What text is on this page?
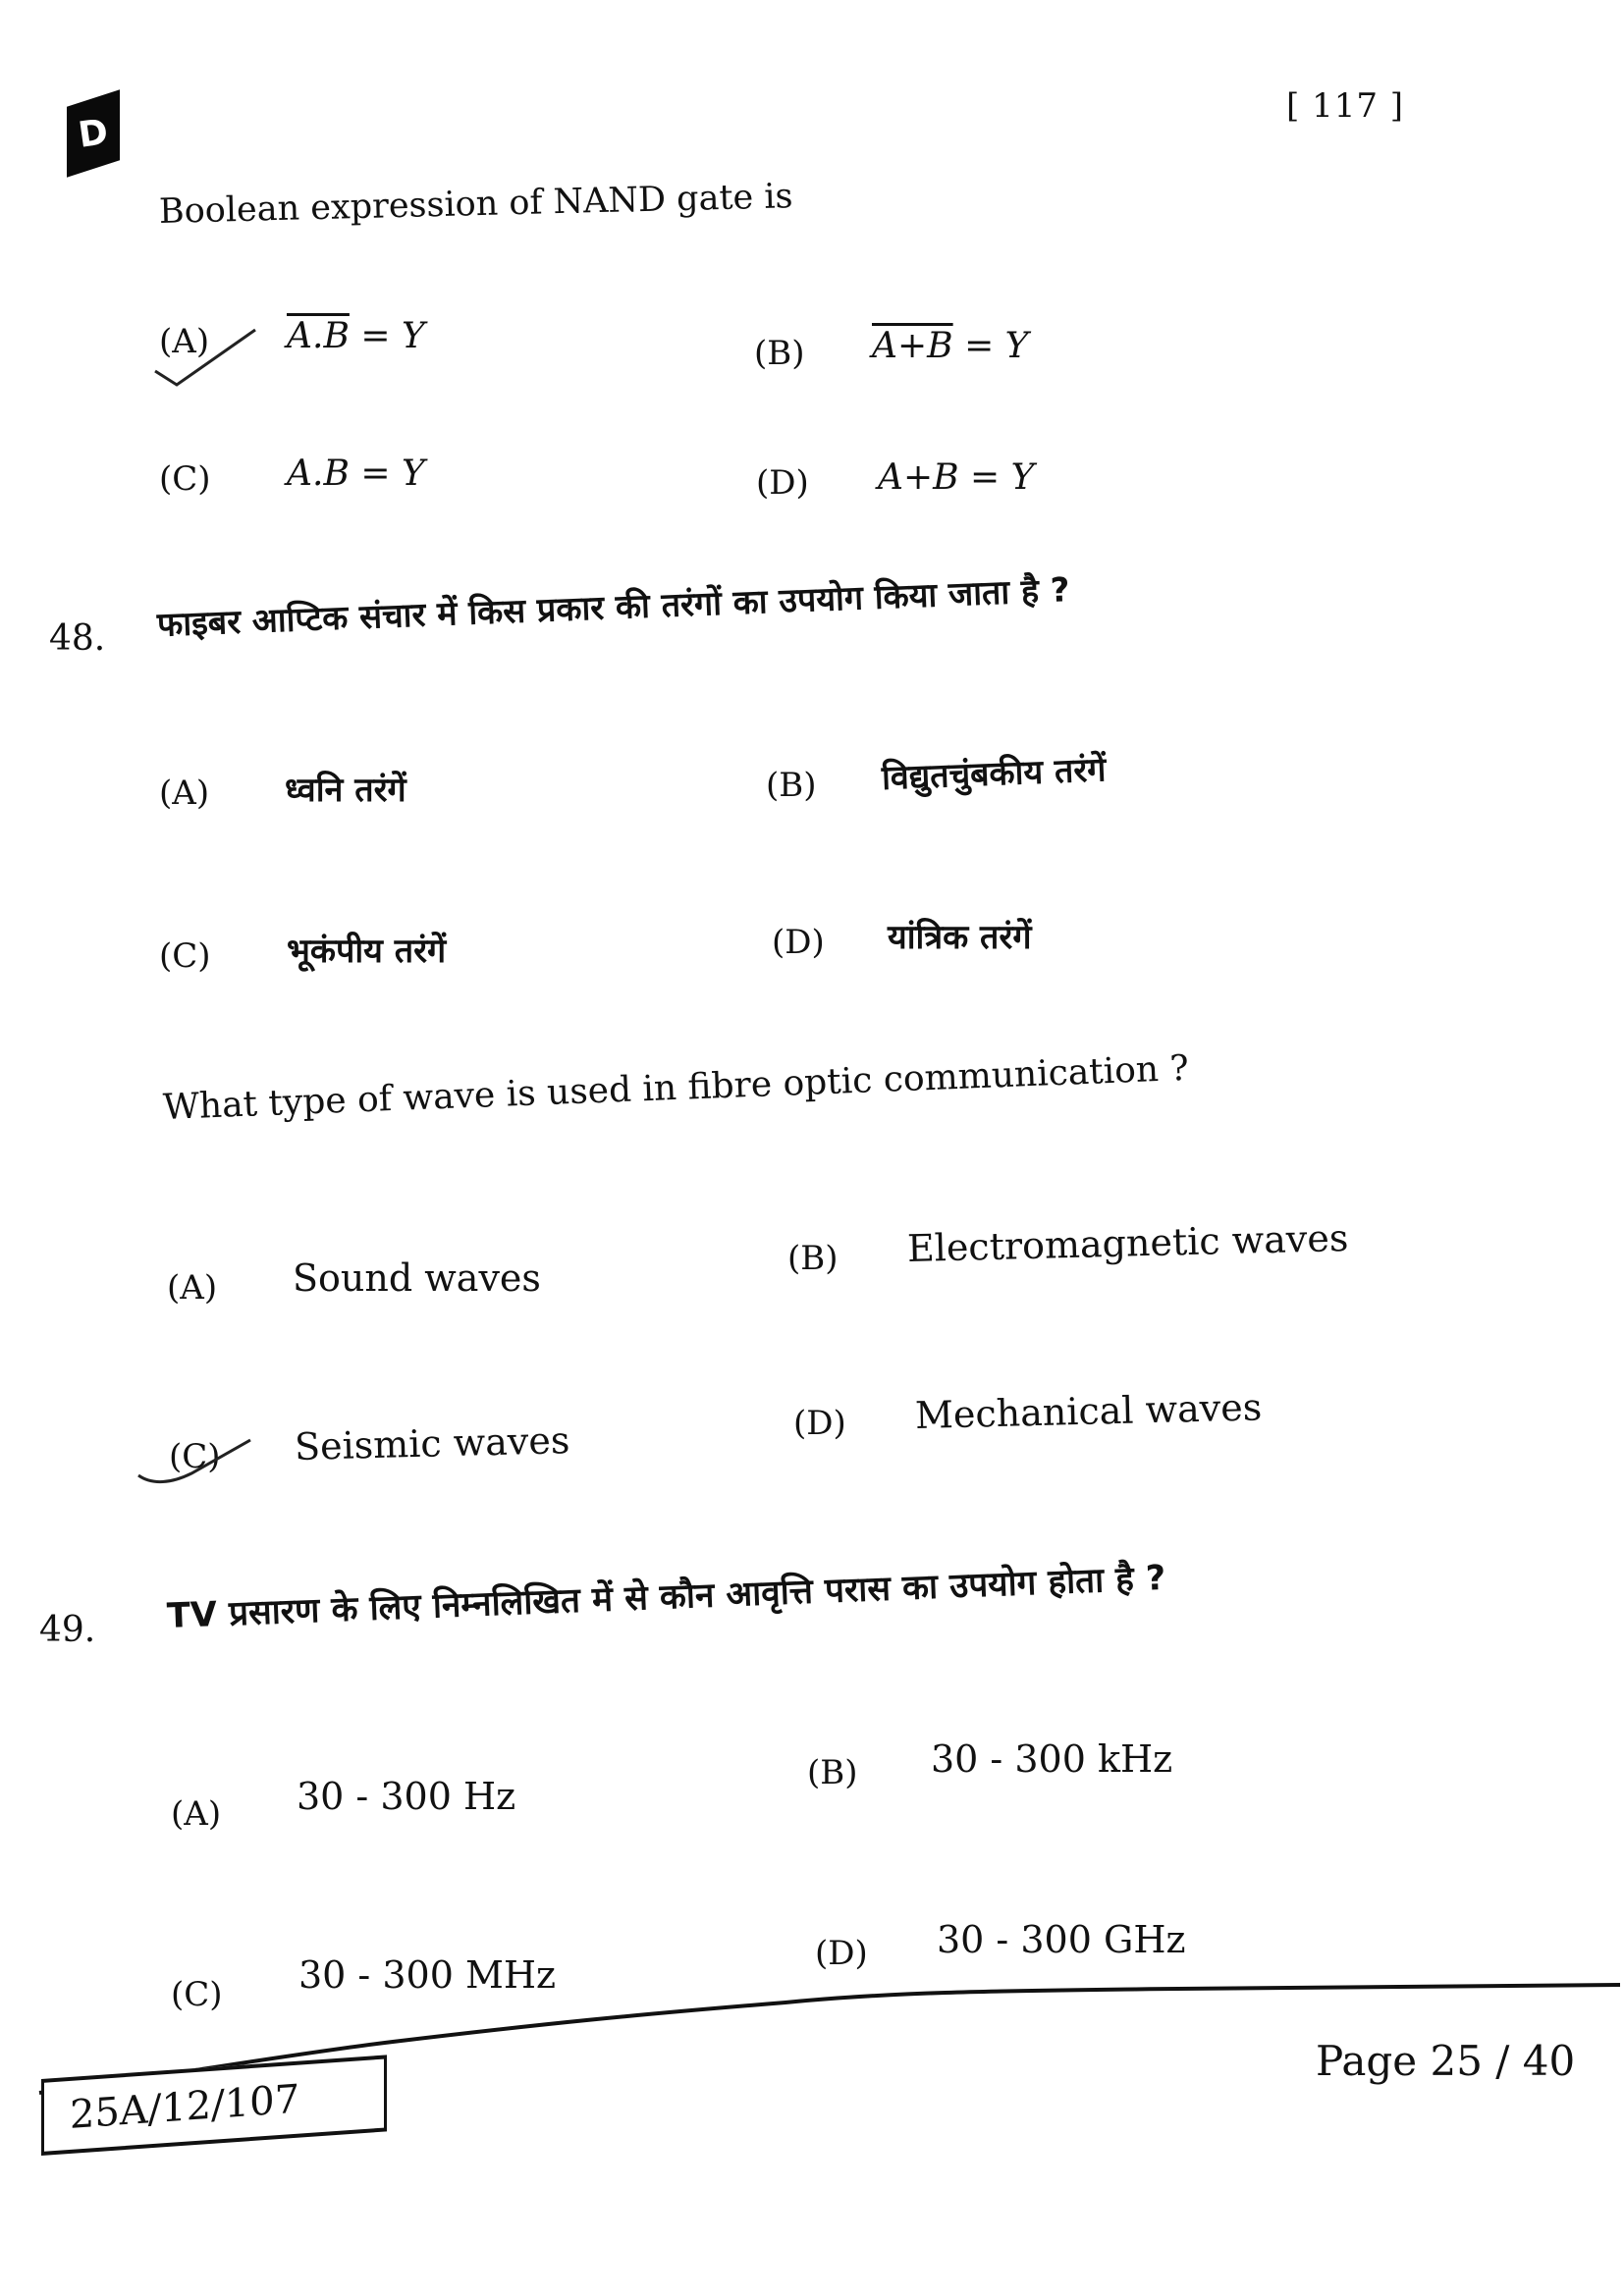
D
[ 117 ]
Boolean expression of NAND gate is
(A) A.B = Y	(B) A+B = Y
(C) A.B = Y	(D) A+B = Y
48. फाइबर आप्टिक संचार में किस प्रकार की तरंगों का उपयोग किया जाता है ?
(A) ध्वनि तरंगें	(B) विद्युतचुंबकीय तरंगें
(C) भूकंपीय तरंगें	(D) यांत्रिक तरंगें
What type of wave is used in fibre optic communication ?
(A) Sound waves	(B) Electromagnetic waves
(C) Seismic waves	(D) Mechanical waves
49. TV प्रसारण के लिए निम्नलिखित में से कौन आवृत्ति परास का उपयोग होता है ?
(A) 30 - 300 Hz
(B) 30 - 300 kHz
(C) 30 - 300 MHz	(D) 30 - 300 GHz
25A/12/107
Page 25 / 40
